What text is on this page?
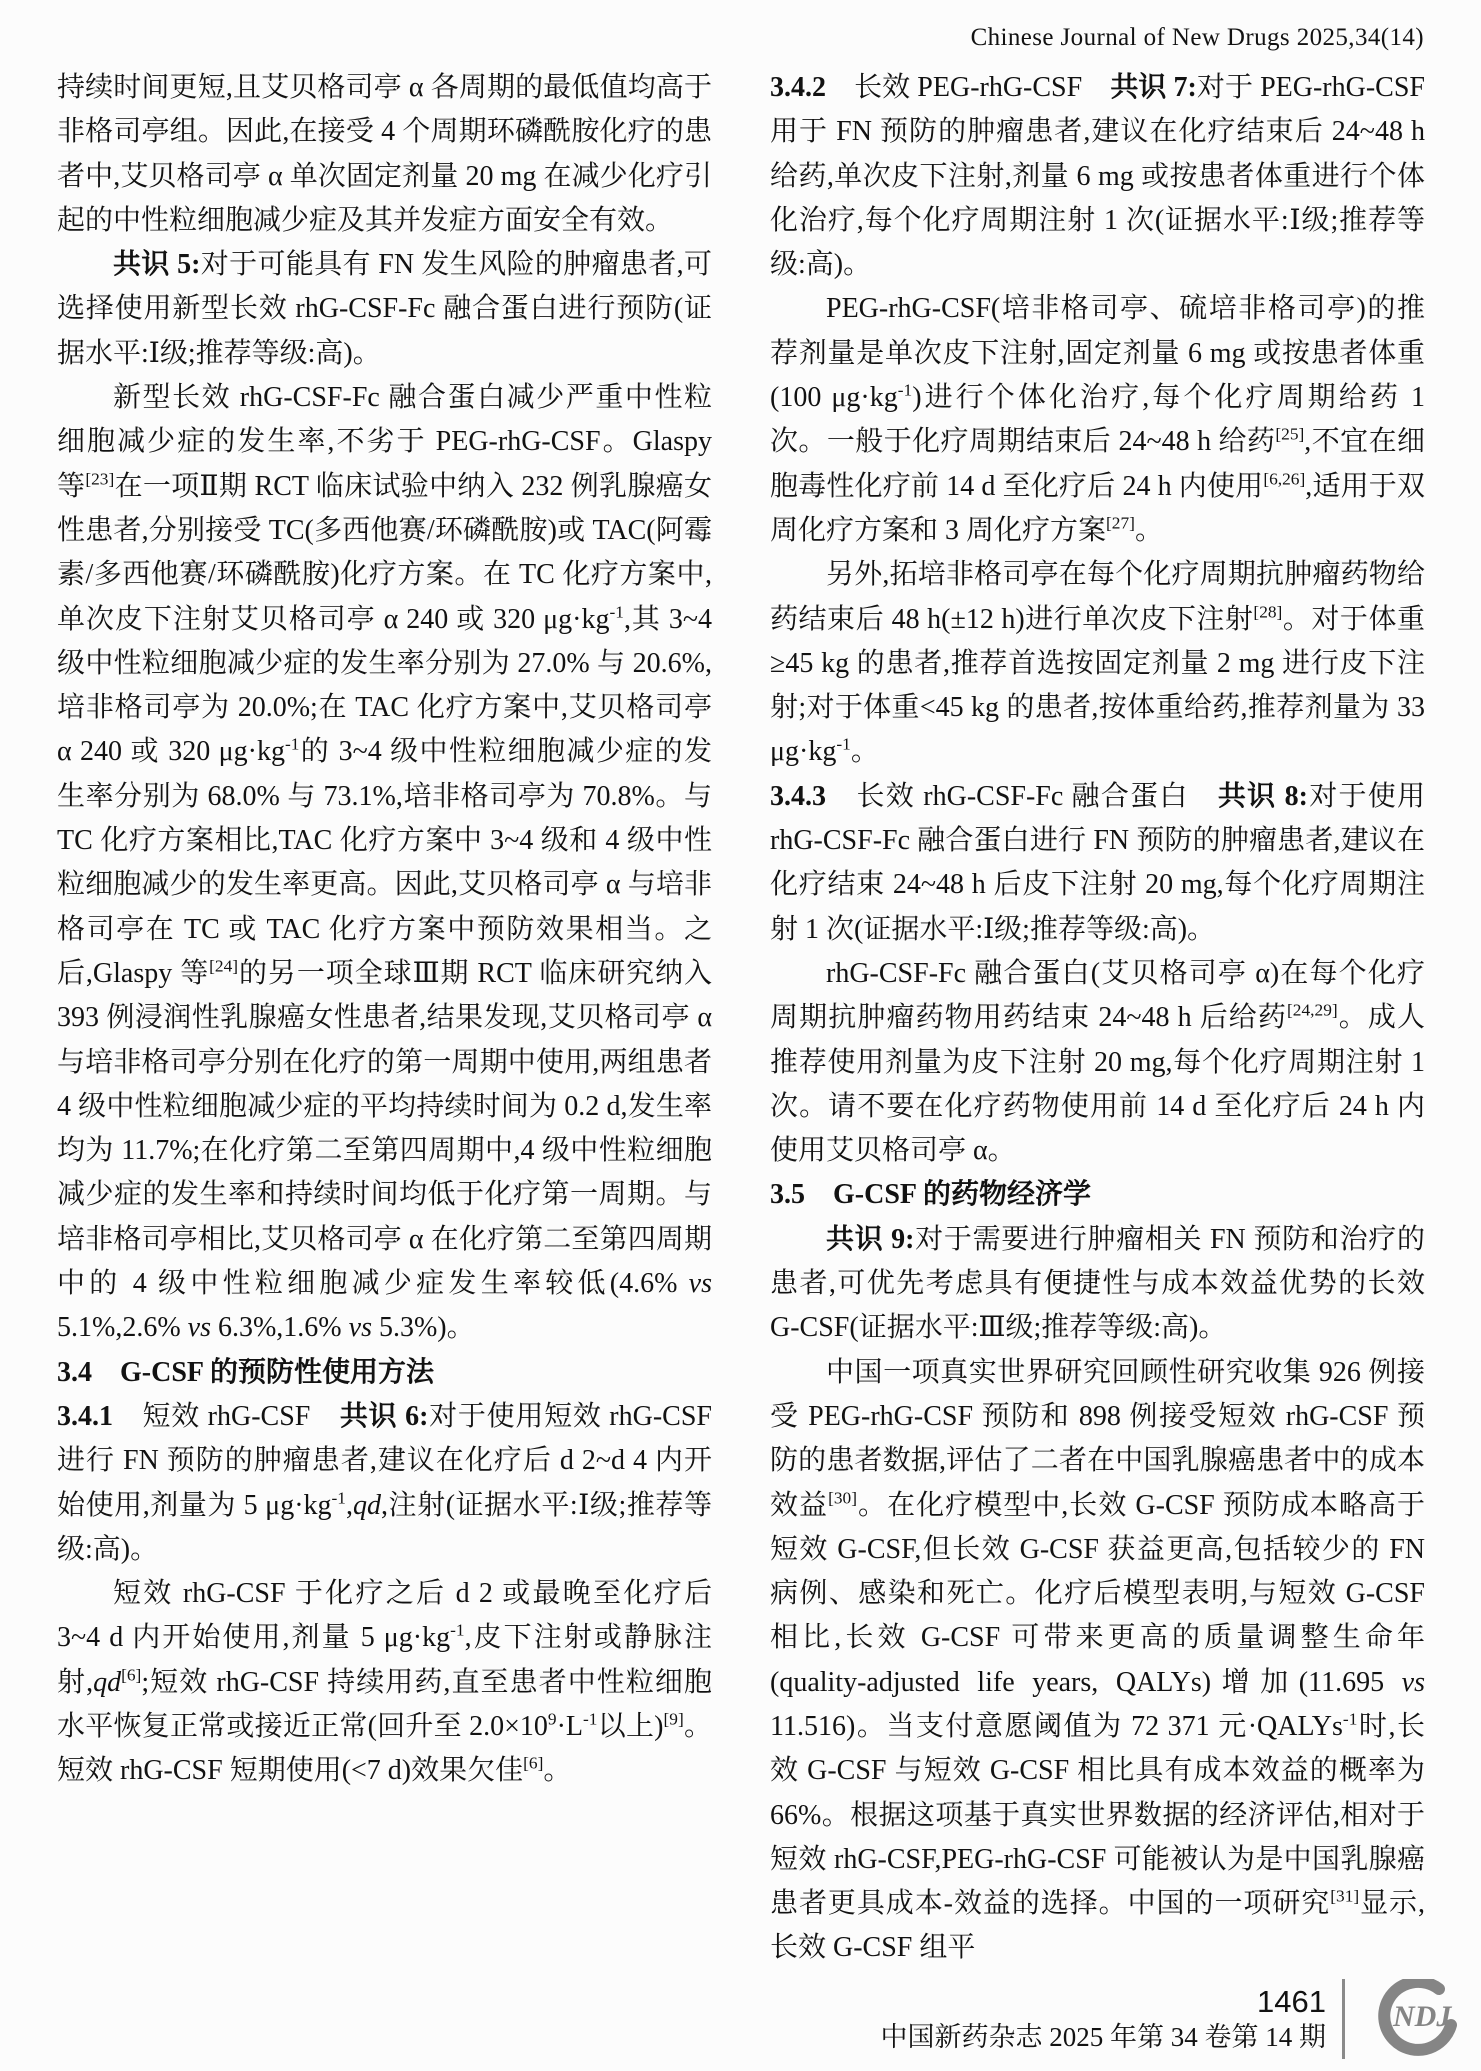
Chinese Journal of New Drugs 2025,34(14)

持续时间更短,且艾贝格司亭 α 各周期的最低值均高于非格司亭组。因此,在接受 4 个周期环磷酰胺化疗的患者中,艾贝格司亭 α 单次固定剂量 20 mg 在减少化疗引起的中性粒细胞减少症及其并发症方面安全有效。

共识 5:对于可能具有 FN 发生风险的肿瘤患者,可选择使用新型长效 rhG-CSF-Fc 融合蛋白进行预防(证据水平:Ⅰ级;推荐等级:高)。

新型长效 rhG-CSF-Fc 融合蛋白减少严重中性粒细胞减少症的发生率,不劣于 PEG-rhG-CSF。Glaspy 等[23]在一项Ⅱ期 RCT 临床试验中纳入 232 例乳腺癌女性患者,分别接受 TC(多西他赛/环磷酰胺)或 TAC(阿霉素/多西他赛/环磷酰胺)化疗方案。在 TC 化疗方案中,单次皮下注射艾贝格司亭 α 240 或 320 $\mu g\cdot kg^{-1}$,其 3~4 级中性粒细胞减少症的发生率分别为 27.0% 与 20.6%,培非格司亭为 20.0%;在 TAC 化疗方案中,艾贝格司亭 α 240 或 320 $\mu g\cdot kg^{-1}$的 3~4 级中性粒细胞减少症的发生率分别为 68.0% 与 73.1%,培非格司亭为 70.8%。与 TC 化疗方案相比,TAC 化疗方案中 3~4 级和 4 级中性粒细胞减少的发生率更高。因此,艾贝格司亭 α 与培非格司亭在 TC 或 TAC 化疗方案中预防效果相当。之后,Glaspy 等[24]的另一项全球Ⅲ期 RCT 临床研究纳入 393 例浸润性乳腺癌女性患者,结果发现,艾贝格司亭 α 与培非格司亭分别在化疗的第一周期中使用,两组患者 4 级中性粒细胞减少症的平均持续时间为 0.2 d,发生率均为 11.7%;在化疗第二至第四周期中,4 级中性粒细胞减少症的发生率和持续时间均低于化疗第一周期。与培非格司亭相比,艾贝格司亭 α 在化疗第二至第四周期中的 4 级中性粒细胞减少症发生率较低(4.6% vs 5.1%,2.6% vs 6.3%,1.6% vs 5.3%)。

3.4　G-CSF 的预防性使用方法

3.4.1　短效 rhG-CSF　共识 6:对于使用短效 rhG-CSF 进行 FN 预防的肿瘤患者,建议在化疗后 d 2~d 4 内开始使用,剂量为 5 $\mu g\cdot kg^{-1},qd$,注射(证据水平:Ⅰ级;推荐等级:高)。

短效 rhG-CSF 于化疗之后 d 2 或最晚至化疗后 3~4 d 内开始使用,剂量 5 $\mu g\cdot kg^{-1}$,皮下注射或静脉注射,qd[6];短效 rhG-CSF 持续用药,直至患者中性粒细胞水平恢复正常或接近正常(回升至 $2.0\times 10^9\cdot L^{-1}$以上)[9]。短效 rhG-CSF 短期使用(<7 d)效果欠佳[6]。

3.4.2　长效 PEG-rhG-CSF　共识 7:对于 PEG-rhG-CSF 用于 FN 预防的肿瘤患者,建议在化疗结束后 24~48 h 给药,单次皮下注射,剂量 6 mg 或按患者体重进行个体化治疗,每个化疗周期注射 1 次(证据水平:Ⅰ级;推荐等级:高)。

PEG-rhG-CSF(培非格司亭、硫培非格司亭)的推荐剂量是单次皮下注射,固定剂量 6 mg 或按患者体重(100 $\mu g\cdot kg^{-1}$)进行个体化治疗,每个化疗周期给药 1 次。一般于化疗周期结束后 24~48 h 给药[25],不宜在细胞毒性化疗前 14 d 至化疗后 24 h 内使用[6,26],适用于双周化疗方案和 3 周化疗方案[27]。

另外,拓培非格司亭在每个化疗周期抗肿瘤药物给药结束后 48 h(±12 h)进行单次皮下注射[28]。对于体重≥45 kg 的患者,推荐首选按固定剂量 2 mg 进行皮下注射;对于体重<45 kg 的患者,按体重给药,推荐剂量为 33 $\mu g\cdot kg^{-1}$。

3.4.3　长效 rhG-CSF-Fc 融合蛋白　共识 8:对于使用 rhG-CSF-Fc 融合蛋白进行 FN 预防的肿瘤患者,建议在化疗结束 24~48 h 后皮下注射 20 mg,每个化疗周期注射 1 次(证据水平:Ⅰ级;推荐等级:高)。

rhG-CSF-Fc 融合蛋白(艾贝格司亭 α)在每个化疗周期抗肿瘤药物用药结束 24~48 h 后给药[24,29]。成人推荐使用剂量为皮下注射 20 mg,每个化疗周期注射 1 次。请不要在化疗药物使用前 14 d 至化疗后 24 h 内使用艾贝格司亭 α。

3.5　G-CSF 的药物经济学

共识 9:对于需要进行肿瘤相关 FN 预防和治疗的患者,可优先考虑具有便捷性与成本效益优势的长效 G-CSF(证据水平:Ⅲ级;推荐等级:高)。

中国一项真实世界研究回顾性研究收集 926 例接受 PEG-rhG-CSF 预防和 898 例接受短效 rhG-CSF 预防的患者数据,评估了二者在中国乳腺癌患者中的成本效益[30]。在化疗模型中,长效 G-CSF 预防成本略高于短效 G-CSF,但长效 G-CSF 获益更高,包括较少的 FN 病例、感染和死亡。化疗后模型表明,与短效 G-CSF 相比,长效 G-CSF 可带来更高的质量调整生命年(quality-adjusted life years, QALYs)增加(11.695 vs 11.516)。当支付意愿阈值为 72 371 元·QALYs$^{-1}$时,长效 G-CSF 与短效 G-CSF 相比具有成本效益的概率为 66%。根据这项基于真实世界数据的经济评估,相对于短效 rhG-CSF,PEG-rhG-CSF 可能被认为是中国乳腺癌患者更具成本-效益的选择。中国的一项研究[31]显示,长效 G-CSF 组平

1461
中国新药杂志 2025 年第 34 卷第 14 期
NDJ
